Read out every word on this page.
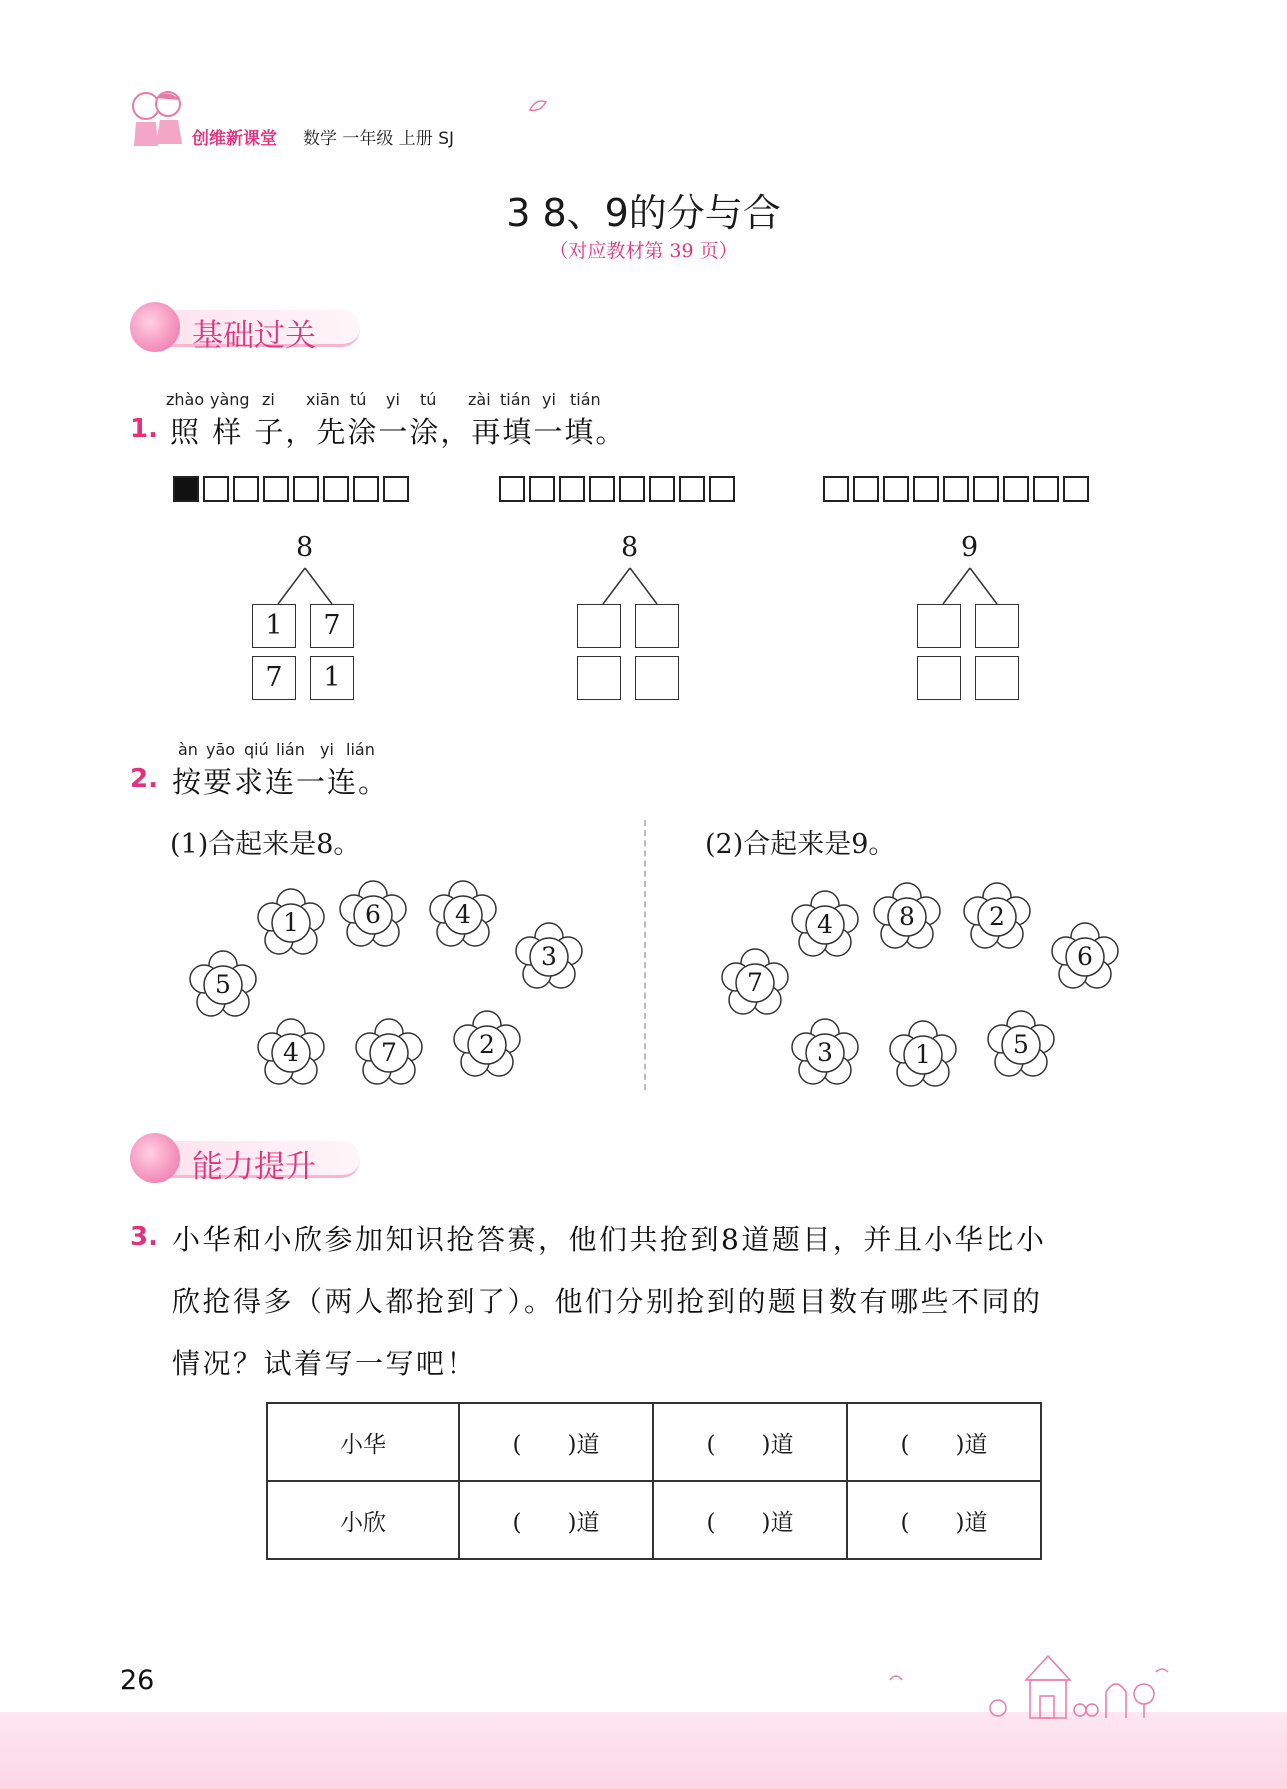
创维新课堂 数学 一年级 上册 SJ
3 8、9的分与合
（对应教材第 39 页）
基础过关
zhào yàng zi xiān tú yi tú zài tián yi tián
1. 照 样 子，先涂一涂，再填一填。
8
1	7
7	1
8	9
àn yāo qiú lián yi lián
2. 按要求连一连。
(1)合起来是8。	(2)合起来是9。
1	6	4
3
5
4	7	2
4	8	2
6
7
3	1	5
能力提升
3. 小华和小欣参加知识抢答赛，他们共抢到8道题目，并且小华比小
欣抢得多（两人都抢到了）。他们分别抢到的题目数有哪些不同的
情况？试着写一写吧！
小华	(　　)道	(　　)道	(　　)道
小欣	(　　)道	(　　)道	(　　)道
26
